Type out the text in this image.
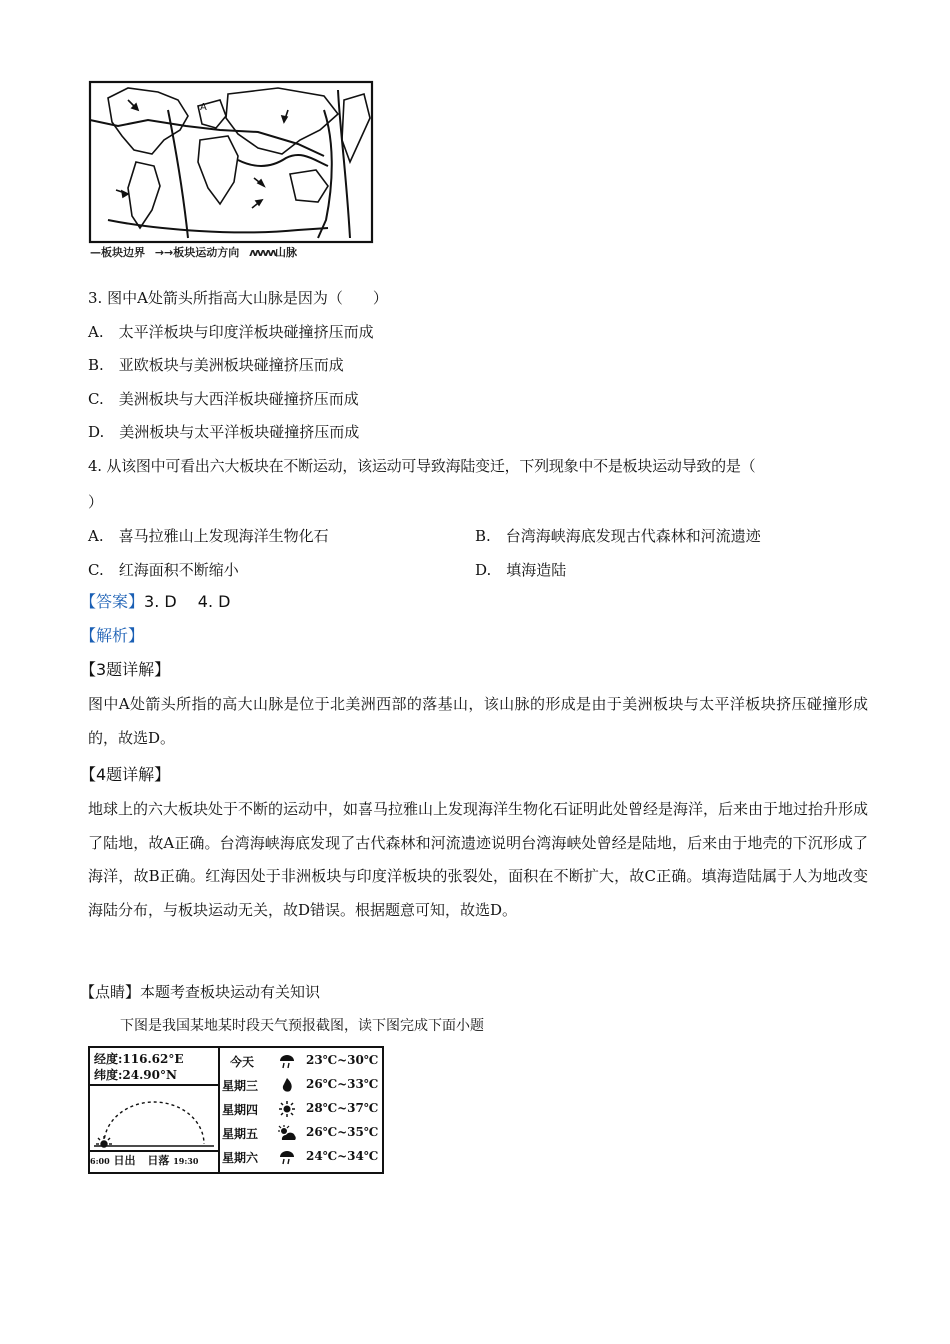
A
—板块边界 →→板块运动方向 ʌʌʌʌʌ山脉
3. 图中A处箭头所指高大山脉是因为（　　）
A.　太平洋板块与印度洋板块碰撞挤压而成
B.　亚欧板块与美洲板块碰撞挤压而成
C.　美洲板块与大西洋板块碰撞挤压而成
D.　美洲板块与太平洋板块碰撞挤压而成
4. 从该图中可看出六大板块在不断运动，该运动可导致海陆变迁，下列现象中不是板块运动导致的是（
）
A.　喜马拉雅山上发现海洋生物化石	B.　台湾海峡海底发现古代森林和河流遗迹
C.　红海面积不断缩小	D.　填海造陆
【答案】3. D　 4. D
【解析】
【3题详解】
图中A处箭头所指的高大山脉是位于北美洲西部的落基山，该山脉的形成是由于美洲板块与太平洋板块挤压碰撞形成的，故选D。
【4题详解】
地球上的六大板块处于不断的运动中，如喜马拉雅山上发现海洋生物化石证明此处曾经是海洋，后来由于地过抬升形成了陆地，故A正确。台湾海峡海底发现了古代森林和河流遗迹说明台湾海峡处曾经是陆地，后来由于地壳的下沉形成了海洋，故B正确。红海因处于非洲板块与印度洋板块的张裂处，面积在不断扩大，故C正确。填海造陆属于人为地改变海陆分布，与板块运动无关，故D错误。根据题意可知，故选D。
【点睛】本题考查板块运动有关知识
下图是我国某地某时段天气预报截图，读下图完成下面小题
经度:116.62°E
纬度:24.90°N
6:00 日出 日落 19:30
今天	23℃~30℃
星期三	26℃~33℃
星期四	28℃~37℃
星期五	26℃~35℃
星期六	24℃~34℃
